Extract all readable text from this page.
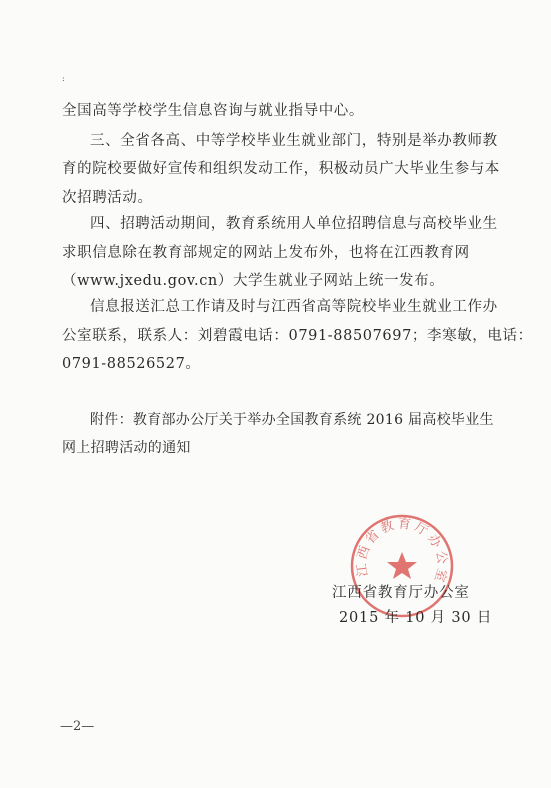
:
全国高等学校学生信息咨询与就业指导中心。
三、全省各高、中等学校毕业生就业部门，特别是举办教师教
育的院校要做好宣传和组织发动工作，积极动员广大毕业生参与本
次招聘活动。
四、招聘活动期间，教育系统用人单位招聘信息与高校毕业生
求职信息除在教育部规定的网站上发布外，也将在江西教育网
（www.jxedu.gov.cn）大学生就业子网站上统一发布。
信息报送汇总工作请及时与江西省高等院校毕业生就业工作办
公室联系，联系人：刘碧霞电话：0791-88507697；李寒敏，电话：
0791-88526527。
附件：教育部办公厅关于举办全国教育系统 2016 届高校毕业生
网上招聘活动的通知
江西省教育厅办公室
江西省教育厅办公室
2015 年 10 月 30 日
—2—
